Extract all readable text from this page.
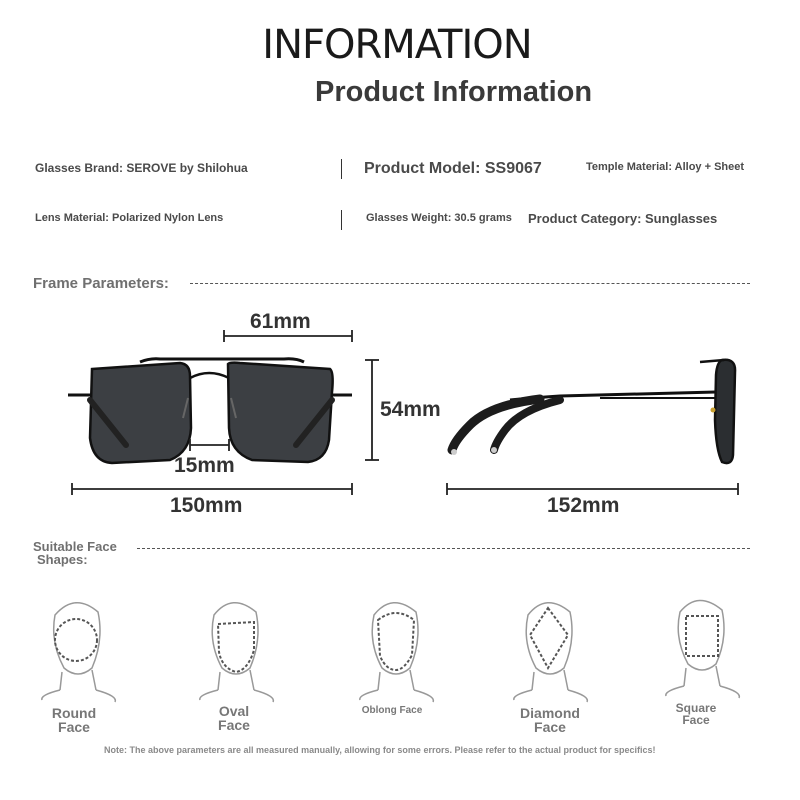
INFORMATION
Product Information
Glasses Brand: SEROVE by Shilohua	Product Model: SS9067	Temple Material: Alloy + Sheet
Lens Material: Polarized Nylon Lens	Glasses Weight: 30.5 grams Product Category: Sunglasses
Frame Parameters:
61mm
54mm
15mm
150mm	152mm
Suitable Face
Shapes:
Round
Face
Oval
Face
Oblong Face	Diamond
Face
Square
Face
Note: The above parameters are all measured manually, allowing for some errors. Please refer to the actual product for specifics!
